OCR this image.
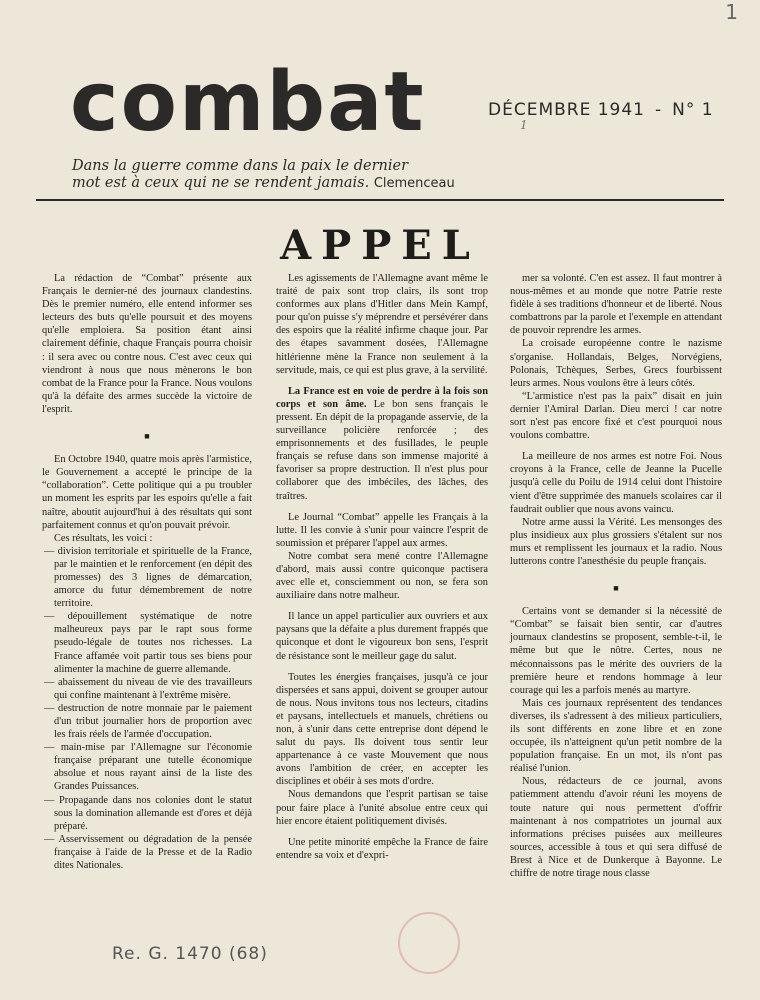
1
combat	DÉCEMBRE 1941 - N° 1
1
Dans la guerre comme dans la paix le dernier
mot est à ceux qui ne se rendent jamais. Clemenceau
APPEL

La rédaction de “Combat” présente aux Français le dernier-né des journaux clandestins. Dès le premier numéro, elle entend informer ses lecteurs des buts qu'elle poursuit et des moyens qu'elle emploiera. Sa position étant ainsi clairement définie, chaque Français pourra choisir : il sera avec ou contre nous. C'est avec ceux qui viendront à nous que nous mènerons le bon combat de la France pour la France. Nous voulons qu'à la défaite des armes succède la victoire de l'esprit.

■

En Octobre 1940, quatre mois après l'armistice, le Gouvernement a accepté le principe de la “collaboration”. Cette politique qui a pu troubler un moment les esprits par les espoirs qu'elle a fait naître, aboutit aujourd'hui à des résultats qui sont parfaitement connus et qu'on pouvait prévoir.

Ces résultats, les voici :

— division territoriale et spirituelle de la France, par le maintien et le renforcement (en dépit des promesses) des 3 lignes de démarcation, amorce du futur démembrement de notre territoire.
— dépouillement systématique de notre malheureux pays par le rapt sous forme pseudo-légale de toutes nos richesses. La France affamée voit partir tous ses biens pour alimenter la machine de guerre allemande.
— abaissement du niveau de vie des travailleurs qui confine maintenant à l'extrême misère.
— destruction de notre monnaie par le paiement d'un tribut journalier hors de proportion avec les frais réels de l'armée d'occupation.
— main-mise par l'Allemagne sur l'économie française préparant une tutelle économique absolue et nous rayant ainsi de la liste des Grandes Puissances.
— Propagande dans nos colonies dont le statut sous la domination allemande est d'ores et déjà préparé.
— Asservissement ou dégradation de la pensée française à l'aide de la Presse et de la Radio dites Nationales.

Les agissements de l'Allemagne avant même le traité de paix sont trop clairs, ils sont trop conformes aux plans d'Hitler dans Mein Kampf, pour qu'on puisse s'y méprendre et persévérer dans des espoirs que la réalité infirme chaque jour. Par des étapes savamment dosées, l'Allemagne hitlérienne mène la France non seulement à la servitude, mais, ce qui est plus grave, à la servilité.

La France est en voie de perdre à la fois son corps et son âme. Le bon sens français le pressent. En dépit de la propagande asservie, de la surveillance policière renforcée ; des emprisonnements et des fusillades, le peuple français se refuse dans son immense majorité à favoriser sa propre destruction. Il n'est plus pour collaborer que des imbéciles, des lâches, des traîtres.

Le Journal “Combat” appelle les Français à la lutte. Il les convie à s'unir pour vaincre l'esprit de soumission et préparer l'appel aux armes.

Notre combat sera mené contre l'Allemagne d'abord, mais aussi contre quiconque pactisera avec elle et, consciemment ou non, se fera son auxiliaire dans notre malheur.

Il lance un appel particulier aux ouvriers et aux paysans que la défaite a plus durement frappés que quiconque et dont le vigoureux bon sens, l'esprit de résistance sont le meilleur gage du salut.

Toutes les énergies françaises, jusqu'à ce jour dispersées et sans appui, doivent se grouper autour de nous. Nous invitons tous nos lecteurs, citadins et paysans, intellectuels et manuels, chrétiens ou non, à s'unir dans cette entreprise dont dépend le salut du pays. Ils doivent tous sentir leur appartenance à ce vaste Mouvement que nous avons l'ambition de créer, en accepter les disciplines et obéir à ses mots d'ordre.

Nous demandons que l'esprit partisan se taise pour faire place à l'unité absolue entre ceux qui hier encore étaient politiquement divisés.

Une petite minorité empêche la France de faire entendre sa voix et d'expri-

mer sa volonté. C'en est assez. Il faut montrer à nous-mêmes et au monde que notre Patrie reste fidèle à ses traditions d'honneur et de liberté. Nous combattrons par la parole et l'exemple en attendant de pouvoir reprendre les armes.

La croisade européenne contre le nazisme s'organise. Hollandais, Belges, Norvégiens, Polonais, Tchèques, Serbes, Grecs fourbissent leurs armes. Nous voulons être à leurs côtés.

“L'armistice n'est pas la paix” disait en juin dernier l'Amiral Darlan. Dieu merci ! car notre sort n'est pas encore fixé et c'est pourquoi nous voulons combattre.

La meilleure de nos armes est notre Foi. Nous croyons à la France, celle de Jeanne la Pucelle jusqu'à celle du Poilu de 1914 celui dont l'histoire vient d'être supprimée des manuels scolaires car il faudrait oublier que nous avons vaincu.

Notre arme aussi la Vérité. Les mensonges des plus insidieux aux plus grossiers s'étalent sur nos murs et remplissent les journaux et la radio. Nous lutterons contre l'anesthésie du peuple français.

■

Certains vont se demander si la nécessité de “Combat” se faisait bien sentir, car d'autres journaux clandestins se proposent, semble-t-il, le même but que le nôtre. Certes, nous ne méconnaissons pas le mérite des ouvriers de la première heure et rendons hommage à leur courage qui les a parfois menés au martyre.

Mais ces journaux représentent des tendances diverses, ils s'adressent à des milieux particuliers, ils sont différents en zone libre et en zone occupée, ils n'atteignent qu'un petit nombre de la population française. En un mot, ils n'ont pas réalisé l'union.

Nous, rédacteurs de ce journal, avons patiemment attendu d'avoir réuni les moyens de toute nature qui nous permettent d'offrir maintenant à nos compatriotes un journal aux informations précises puisées aux meilleures sources, accessible à tous et qui sera diffusé de Brest à Nice et de Dunkerque à Bayonne. Le chiffre de notre tirage nous classe

Re. G. 1470 (68)
